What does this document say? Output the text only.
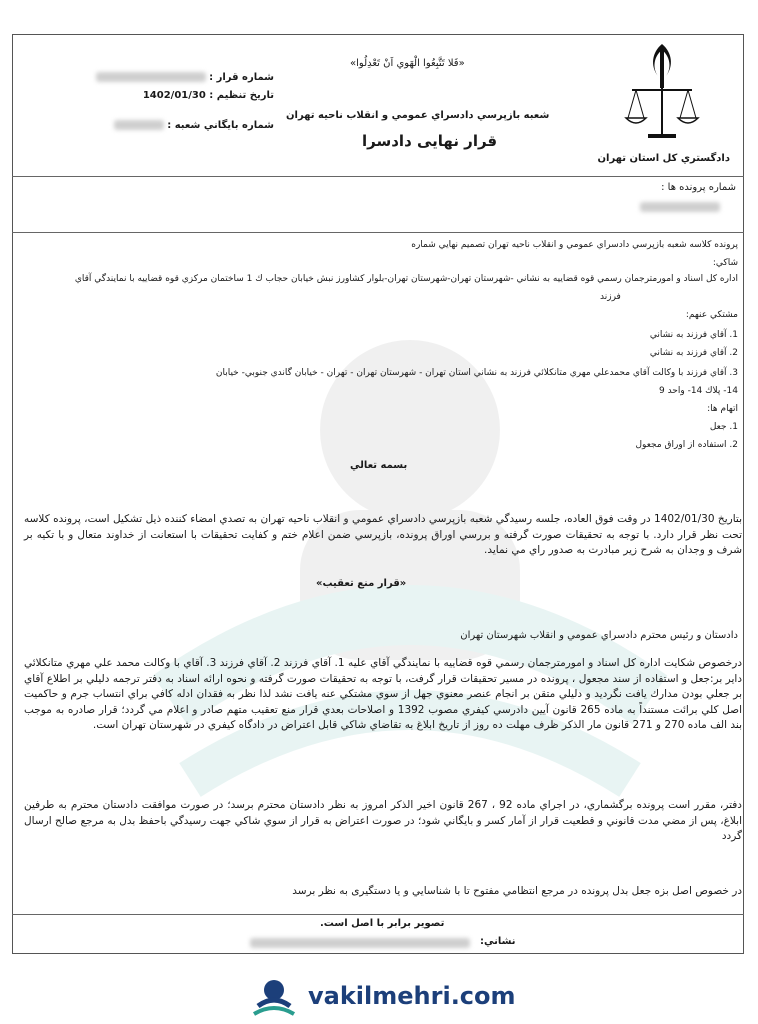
دادگستري كل استان تهران
«فَلا تَتَّبِعُوا الْهَوي اَنْ تَعْدِلُوا»
شعبه بازپرسي دادسراي عمومي و انقلاب ناحيه تهران
قرار نهایی دادسرا
شماره قرار :
تاريخ تنظيم : 1402/01/30
شماره بايگاني شعبه :
شماره پرونده ها :
پرونده كلاسه شعبه بازپرسي دادسراي عمومي و انقلاب ناحيه تهران تصميم نهايي شماره
شاكي:
اداره كل اسناد و امورمترجمان رسمي قوه قضاييه به نشاني -شهرستان تهران-شهرستان تهران-بلوار كشاورز نبش خيابان حجاب ك 1 ساختمان مركزي قوه قضاييه با نمايندگي آقاي
فرزند
مشتكي عنهم:
1. آقاي فرزند به نشاني
2. آقاي فرزند به نشاني
3. آقاي فرزند با وكالت آقاي محمدعلي مهري متانكلائي فرزند به نشاني استان تهران - شهرستان تهران - تهران - خيابان گاندي جنوبي- خيابان
14- پلاك 14- واحد 9
اتهام ها:
1. جعل
2. استفاده از اوراق مجعول
بسمه تعالي
بتاريخ 1402/01/30 در وقت فوق العاده، جلسه رسيدگي شعبه بازپرسي دادسراي عمومي و انقلاب ناحيه تهران به تصدي امضاء كننده ذيل تشكيل است، پرونده كلاسه تحت نظر قرار دارد. با توجه به تحقيقات صورت گرفته و بررسي اوراق پرونده، بازپرسي ضمن اعلام ختم و كفايت تحقيقات با استعانت از خداوند متعال و با تكيه بر شرف و وجدان به شرح زير مبادرت به صدور راي مي نمايد.
«قرار منع تعقيب»
دادستان و رئيس محترم دادسراي عمومي و انقلاب شهرستان تهران
درخصوص شكايت اداره كل اسناد و امورمترجمان رسمي قوه قضاييه با نمايندگي آقاي عليه 1. آقاي فرزند 2. آقاي فرزند 3. آقاي با وكالت محمد علي مهري متانكلائي داير بر:جعل و استفاده از سند مجعول ، پرونده در مسير تحقيقات قرار گرفت، با توجه به تحقيقات صورت گرفته و نحوه ارائه اسناد به دفتر ترجمه دليلي بر اطلاع آقاي بر جعلي بودن مدارك يافت نگرديد و دليلي متقن بر انجام عنصر معنوي جهل از سوي مشتكي عنه يافت نشد لذا نظر به فقدان ادله كافي براي انتساب جرم و حاكميت اصل كلي برائت مستنداً به ماده 265 قانون آيين دادرسي كيفري مصوب 1392 و اصلاحات بعدي قرار منع تعقيب متهم صادر و اعلام مي گردد؛ قرار صادره به موجب بند الف ماده 270 و 271 قانون مار الذكر ظرف مهلت ده روز از تاريخ ابلاغ به تقاضاي شاكي قابل اعتراض در دادگاه كيفري در شهرستان تهران است.
دفتر، مقرر است پرونده برگشماري، در اجراي ماده 92 ، 267 قانون اخير الذكر امروز به نظر دادستان محترم برسد؛ در صورت موافقت دادستان محترم به طرفين ابلاغ، پس از مضي مدت قانوني و قطعيت قرار از آمار كسر و بايگاني شود؛ در صورت اعتراض به قرار از سوي شاكي جهت رسيدگي باحفظ بدل به مرجع صالح ارسال گردد
در خصوص اصل بزه جعل بدل پرونده در مرجع انتظامي مفتوح تا با شناسايي و يا دستگيری به نظر برسد
تصوير برابر با اصل است.
نشاني:
vakilmehri.com
